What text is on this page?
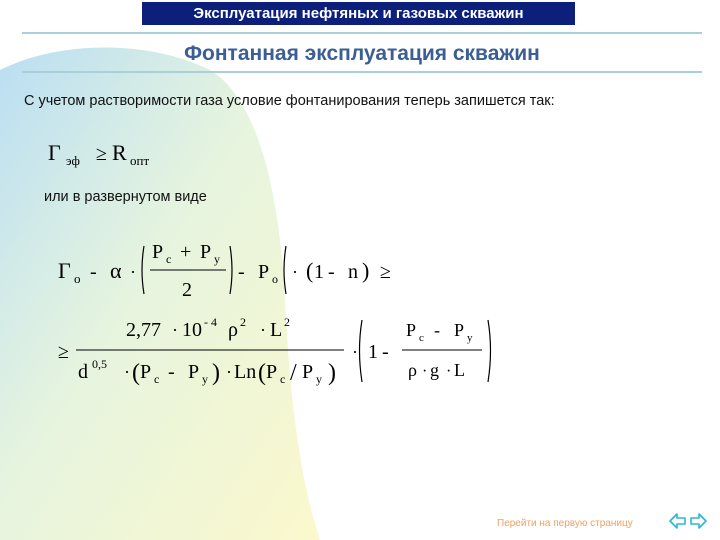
Эксплуатация нефтяных и газовых скважин
Фонтанная эксплуатация скважин
С учетом растворимости газа условие фонтанирования теперь запишется так:
Γ эф ≥ R опт
или в развернутом виде
Γ o - α ·
P c + P y
2
- P o · ( 1 - n ) ≥
≥
2,77 · 10 - 4 ρ 2 · L 2
d 0,5 · ( P c - P y ) · Ln ( P c / P y )
· 1 -
P c - P y
ρ · g · L
Перейти на первую страницу
